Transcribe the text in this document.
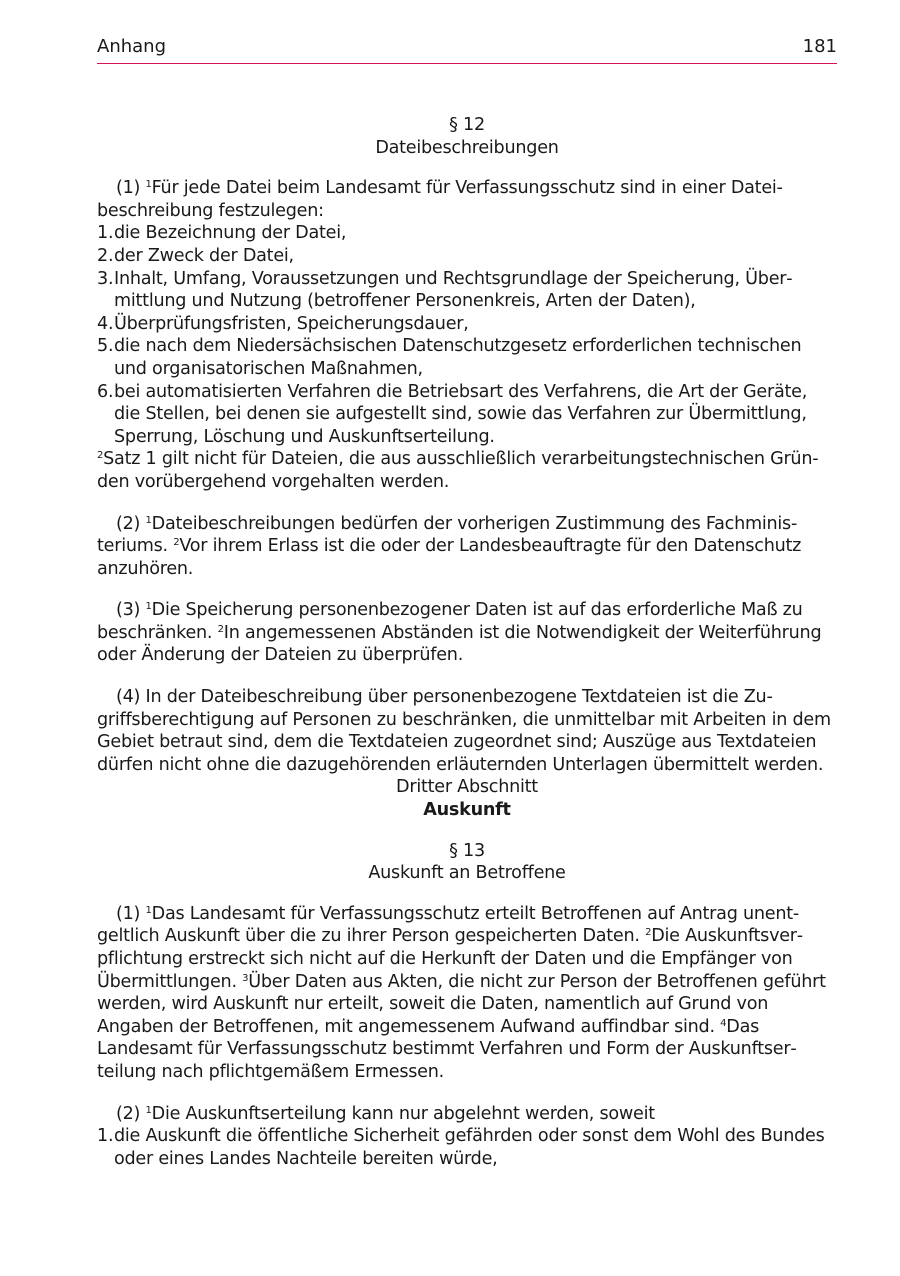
Anhang	181

§ 12

Dateibeschreibungen

(1) $^1$Für jede Datei beim Landesamt für Verfassungsschutz sind in einer Dateibeschreibung festzulegen:

1. die Bezeichnung der Datei,
2. der Zweck der Datei,
3. Inhalt, Umfang, Voraussetzungen und Rechtsgrundlage der Speicherung, Übermittlung und Nutzung (betroffener Personenkreis, Arten der Daten),
4. Überprüfungsfristen, Speicherungsdauer,
5. die nach dem Niedersächsischen Datenschutzgesetz erforderlichen technischen und organisatorischen Maßnahmen,
6. bei automatisierten Verfahren die Betriebsart des Verfahrens, die Art der Geräte, die Stellen, bei denen sie aufgestellt sind, sowie das Verfahren zur Übermittlung, Sperrung, Löschung und Auskunftserteilung.

$^2$Satz 1 gilt nicht für Dateien, die aus ausschließlich verarbeitungstechnischen Gründen vorübergehend vorgehalten werden.

(2) $^1$Dateibeschreibungen bedürfen der vorherigen Zustimmung des Fachministeriums. $^2$Vor ihrem Erlass ist die oder der Landesbeauftragte für den Datenschutz anzuhören.

(3) $^1$Die Speicherung personenbezogener Daten ist auf das erforderliche Maß zu beschränken. $^2$In angemessenen Abständen ist die Notwendigkeit der Weiterführung oder Änderung der Dateien zu überprüfen.

(4) In der Dateibeschreibung über personenbezogene Textdateien ist die Zugriffsberechtigung auf Personen zu beschränken, die unmittelbar mit Arbeiten in dem Gebiet betraut sind, dem die Textdateien zugeordnet sind; Auszüge aus Textdateien dürfen nicht ohne die dazugehörenden erläuternden Unterlagen übermittelt werden.

Dritter Abschnitt

Auskunft

§ 13

Auskunft an Betroffene

(1) $^1$Das Landesamt für Verfassungsschutz erteilt Betroffenen auf Antrag unentgeltlich Auskunft über die zu ihrer Person gespeicherten Daten. $^2$Die Auskunftsverpflichtung erstreckt sich nicht auf die Herkunft der Daten und die Empfänger von Übermittlungen. $^3$Über Daten aus Akten, die nicht zur Person der Betroffenen geführt werden, wird Auskunft nur erteilt, soweit die Daten, namentlich auf Grund von Angaben der Betroffenen, mit angemessenem Aufwand auffindbar sind. $^4$Das Landesamt für Verfassungsschutz bestimmt Verfahren und Form der Auskunftserteilung nach pflichtgemäßem Ermessen.

(2) $^1$Die Auskunftserteilung kann nur abgelehnt werden, soweit

1. die Auskunft die öffentliche Sicherheit gefährden oder sonst dem Wohl des Bundes oder eines Landes Nachteile bereiten würde,
